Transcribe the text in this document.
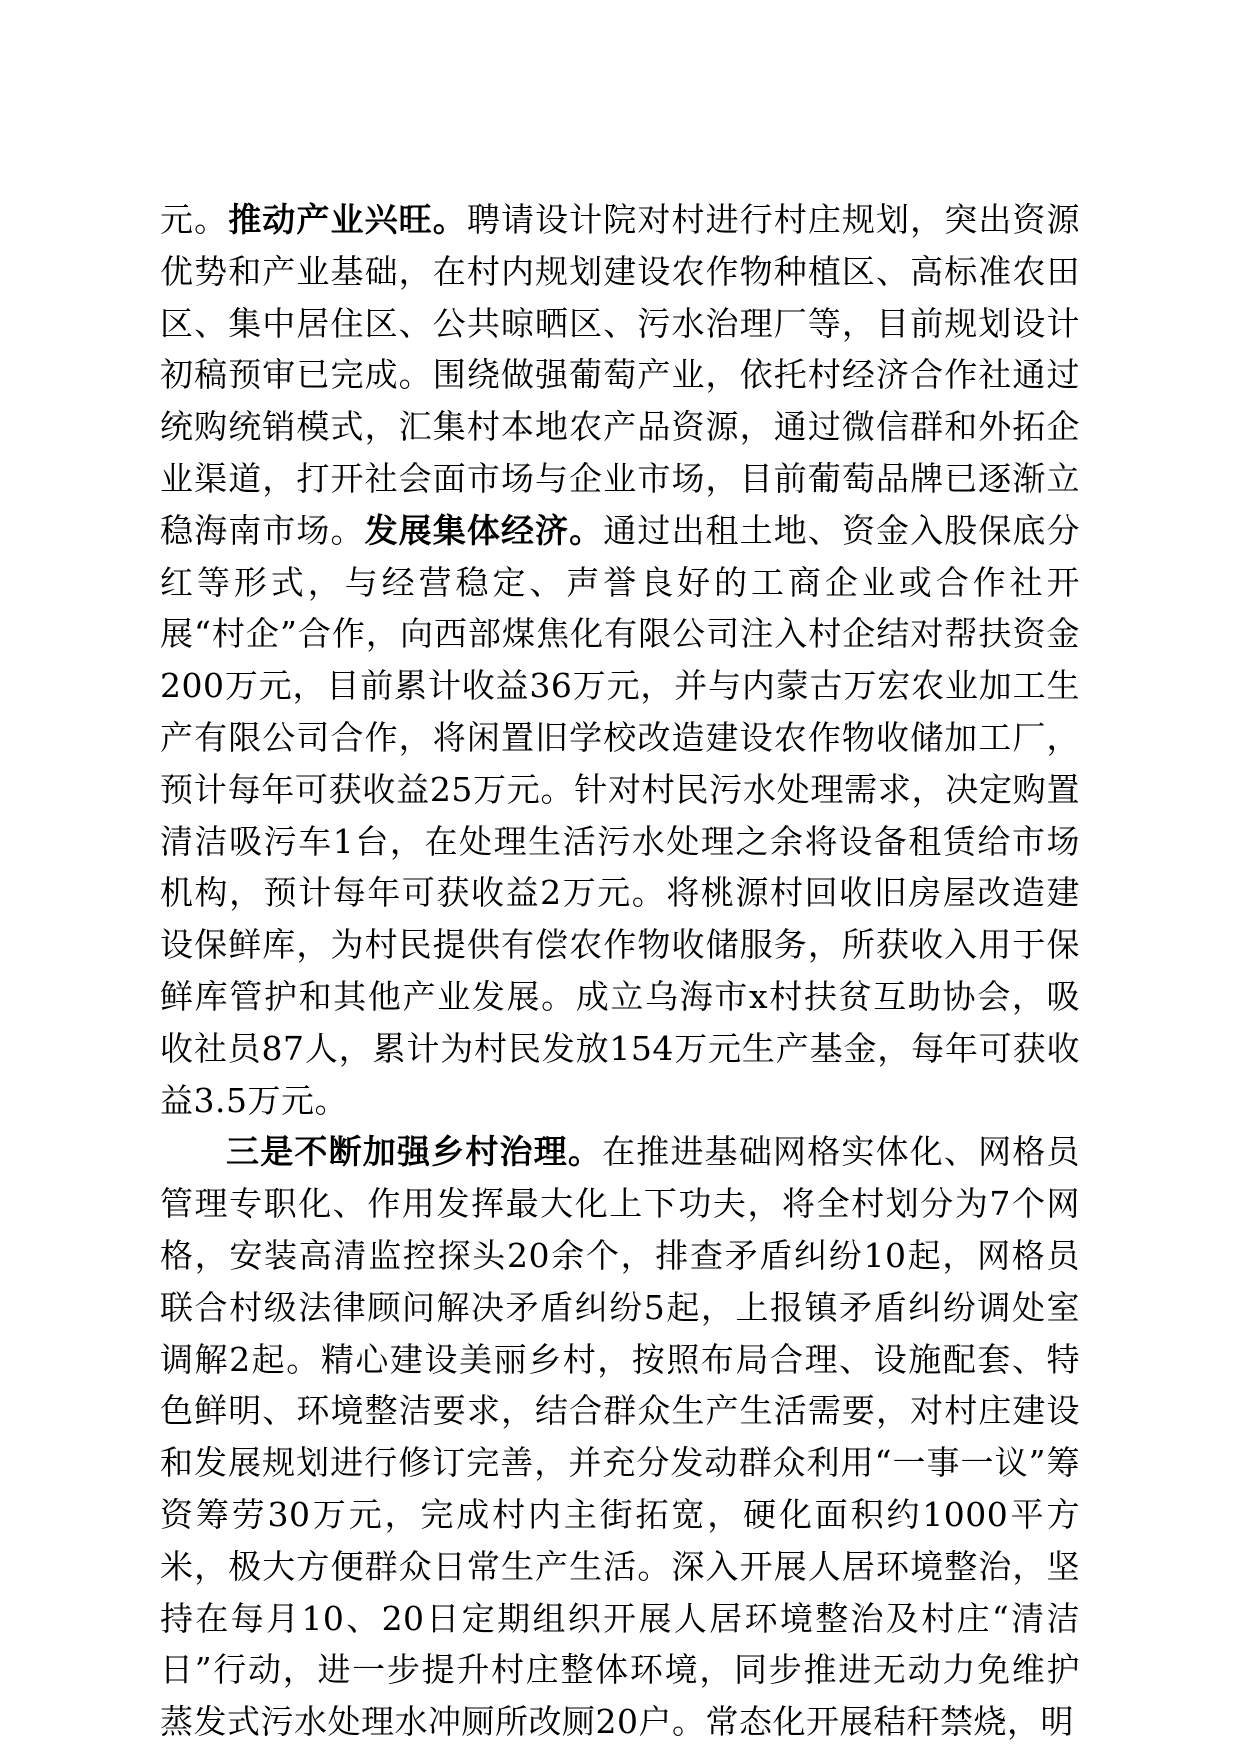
元。推动产业兴旺。聘请设计院对村进行村庄规划，突出资源优势和产业基础，在村内规划建设农作物种植区、高标准农田区、集中居住区、公共晾晒区、污水治理厂等，目前规划设计初稿预审已完成。围绕做强葡萄产业，依托村经济合作社通过统购统销模式，汇集村本地农产品资源，通过微信群和外拓企业渠道，打开社会面市场与企业市场，目前葡萄品牌已逐渐立稳海南市场。发展集体经济。通过出租土地、资金入股保底分红等形式，与经营稳定、声誉良好的工商企业或合作社开展“村企”合作，向西部煤焦化有限公司注入村企结对帮扶资金200万元，目前累计收益36万元，并与内蒙古万宏农业加工生产有限公司合作，将闲置旧学校改造建设农作物收储加工厂，预计每年可获收益25万元。针对村民污水处理需求，决定购置清洁吸污车1台，在处理生活污水处理之余将设备租赁给市场机构，预计每年可获收益2万元。将桃源村回收旧房屋改造建设保鲜库，为村民提供有偿农作物收储服务，所获收入用于保鲜库管护和其他产业发展。成立乌海市x村扶贫互助协会，吸收社员87人，累计为村民发放154万元生产基金，每年可获收益3.5万元。

三是不断加强乡村治理。在推进基础网格实体化、网格员管理专职化、作用发挥最大化上下功夫，将全村划分为7个网格，安装高清监控探头20余个，排查矛盾纠纷10起，网格员联合村级法律顾问解决矛盾纠纷5起，上报镇矛盾纠纷调处室调解2起。精心建设美丽乡村，按照布局合理、设施配套、特色鲜明、环境整洁要求，结合群众生产生活需要，对村庄建设和发展规划进行修订完善，并充分发动群众利用“一事一议”筹资筹劳30万元，完成村内主街拓宽，硬化面积约1000平方米，极大方便群众日常生产生活。深入开展人居环境整治，坚持在每月10、20日定期组织开展人居环境整治及村庄“清洁日”行动，进一步提升村庄整体环境，同步推进无动力免维护蒸发式污水处理水冲厕所改厕20户。常态化开展秸秆禁烧，明
